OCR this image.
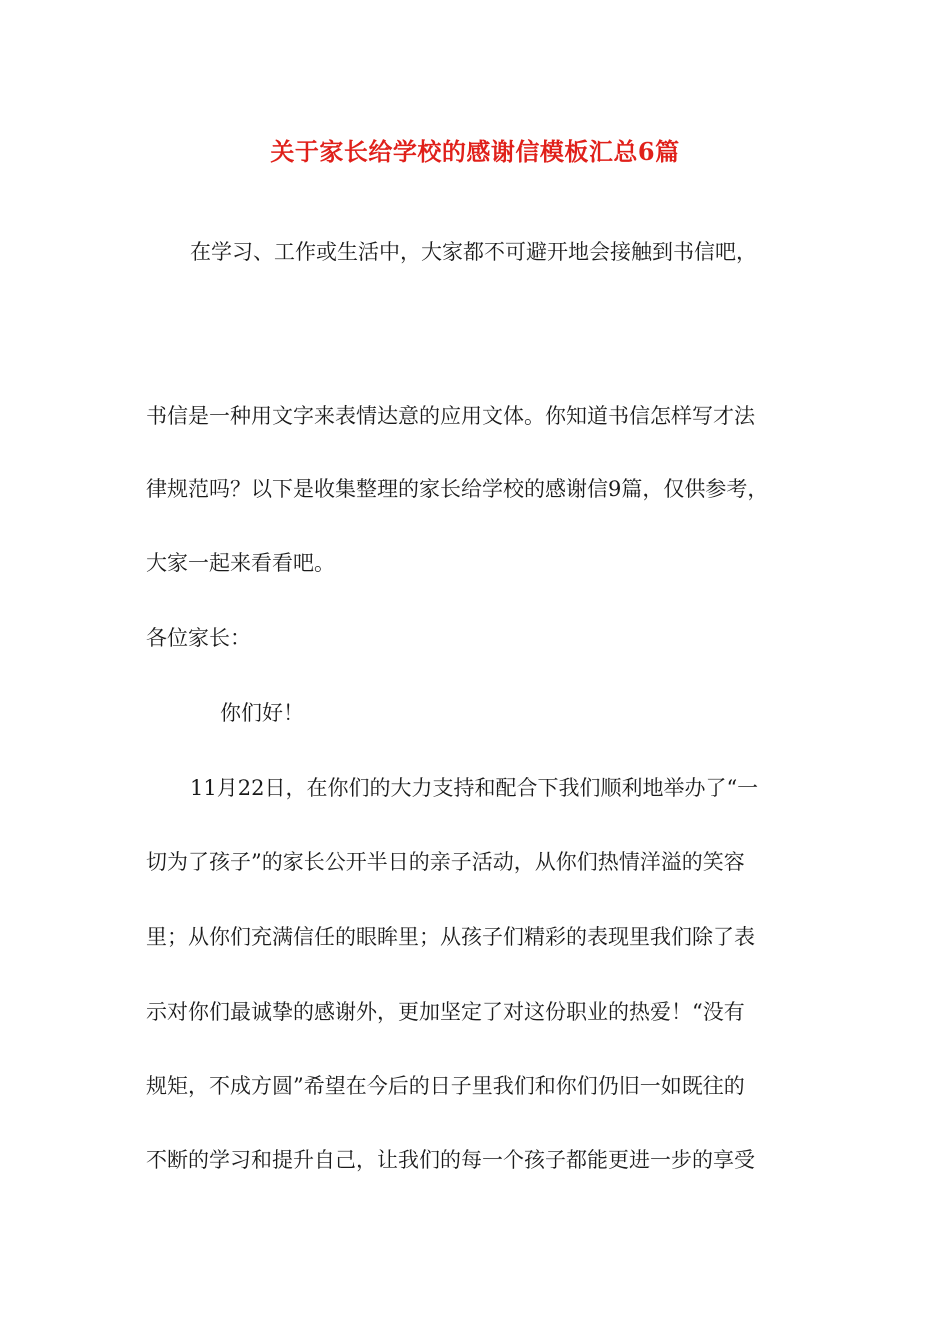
关于家长给学校的感谢信模板汇总6篇

在学习、工作或生活中，大家都不可避开地会接触到书信吧，

书信是一种用文字来表情达意的应用文体。你知道书信怎样写才法

律规范吗？以下是收集整理的家长给学校的感谢信9篇，仅供参考，

大家一起来看看吧。

各位家长：

你们好！

11月22日，在你们的大力支持和配合下我们顺利地举办了“一

切为了孩子”的家长公开半日的亲子活动，从你们热情洋溢的笑容

里；从你们充满信任的眼眸里；从孩子们精彩的表现里我们除了表

示对你们最诚挚的感谢外，更加坚定了对这份职业的热爱！“没有

规矩，不成方圆”希望在今后的日子里我们和你们仍旧一如既往的

不断的学习和提升自己，让我们的每一个孩子都能更进一步的享受
